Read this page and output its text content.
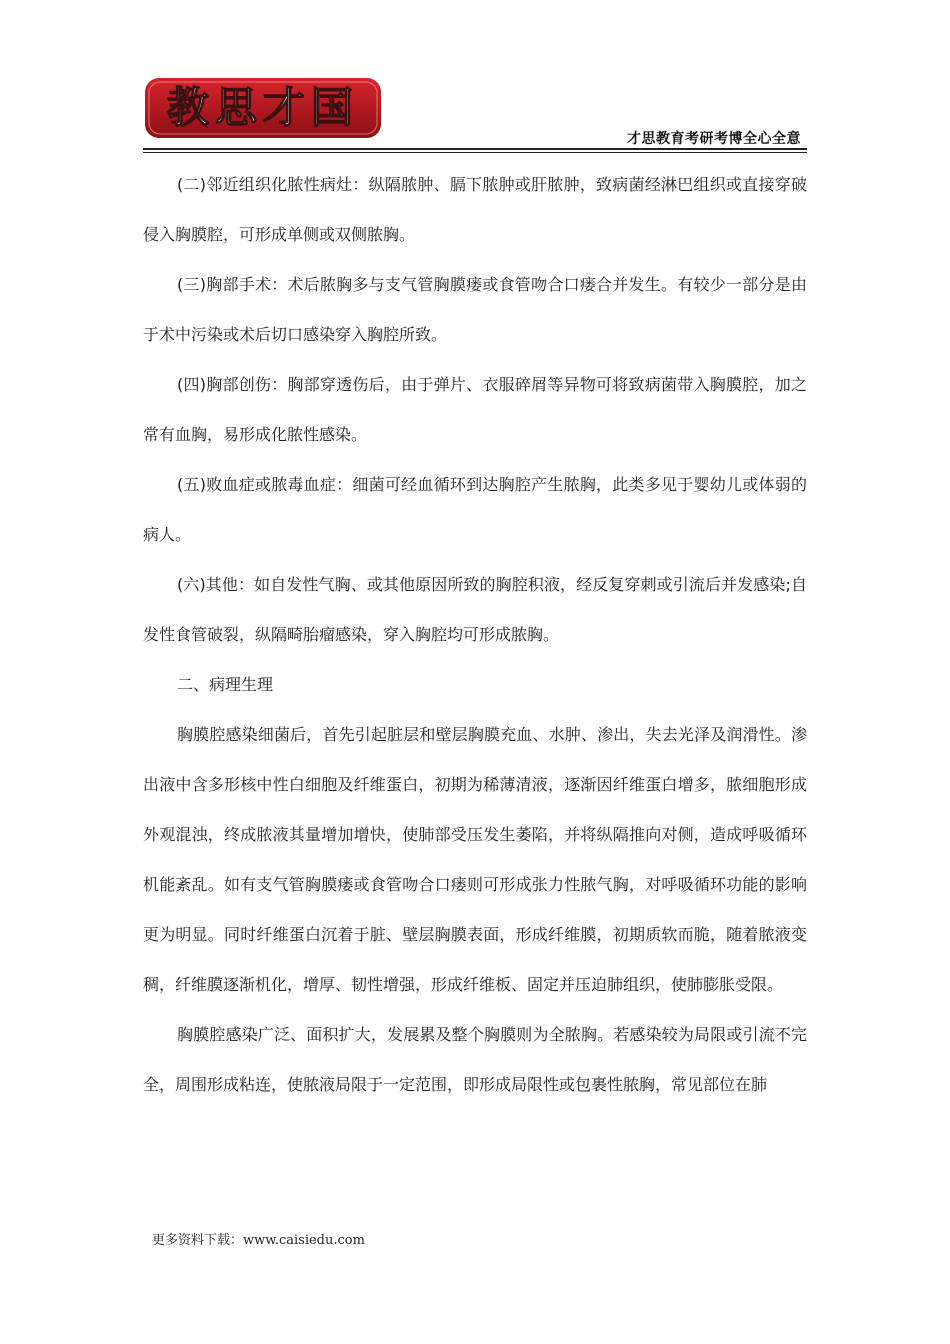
教思才国
才思教育考研考博全心全意

(二)邻近组织化脓性病灶：纵隔脓肿、膈下脓肿或肝脓肿，致病菌经淋巴组织或直接穿破侵入胸膜腔，可形成单侧或双侧脓胸。

(三)胸部手术：术后脓胸多与支气管胸膜瘘或食管吻合口瘘合并发生。有较少一部分是由于术中污染或术后切口感染穿入胸腔所致。

(四)胸部创伤：胸部穿透伤后，由于弹片、衣服碎屑等异物可将致病菌带入胸膜腔，加之常有血胸，易形成化脓性感染。

(五)败血症或脓毒血症：细菌可经血循环到达胸腔产生脓胸，此类多见于婴幼儿或体弱的病人。

(六)其他：如自发性气胸、或其他原因所致的胸腔积液，经反复穿刺或引流后并发感染;自发性食管破裂，纵隔畸胎瘤感染，穿入胸腔均可形成脓胸。

二、病理生理

胸膜腔感染细菌后，首先引起脏层和壁层胸膜充血、水肿、渗出，失去光泽及润滑性。渗出液中含多形核中性白细胞及纤维蛋白，初期为稀薄清液，逐渐因纤维蛋白增多，脓细胞形成外观混浊，终成脓液其量增加增快，使肺部受压发生萎陷，并将纵隔推向对侧，造成呼吸循环机能紊乱。如有支气管胸膜瘘或食管吻合口瘘则可形成张力性脓气胸，对呼吸循环功能的影响更为明显。同时纤维蛋白沉着于脏、壁层胸膜表面，形成纤维膜，初期质软而脆，随着脓液变稠，纤维膜逐渐机化，增厚、韧性增强，形成纤维板、固定并压迫肺组织，使肺膨胀受限。

胸膜腔感染广泛、面积扩大，发展累及整个胸膜则为全脓胸。若感染较为局限或引流不完全，周围形成粘连，使脓液局限于一定范围，即形成局限性或包裹性脓胸，常见部位在肺

更多资料下载：www.caisiedu.com
